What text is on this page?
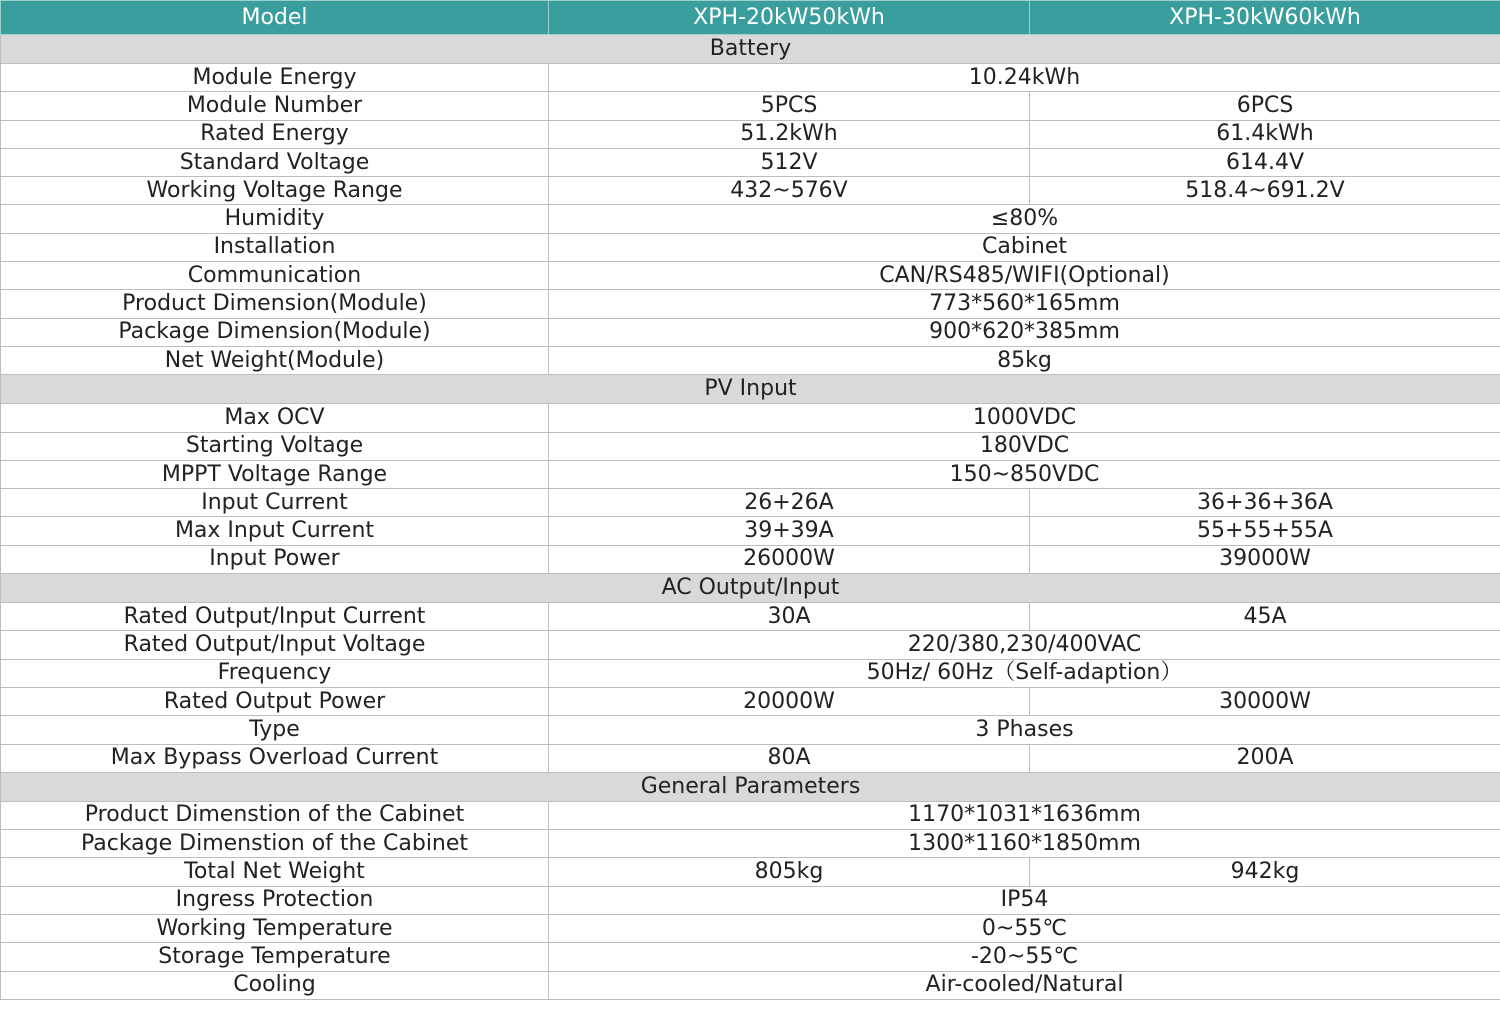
Model	XPH-20kW50kWh	XPH-30kW60kWh
Battery		
Module Energy	10.24kWh	
Module Number	5PCS	6PCS
Rated Energy	51.2kWh	61.4kWh
Standard Voltage	512V	614.4V
Working Voltage Range	432~576V	518.4~691.2V
Humidity	≤80%	
Installation	Cabinet	
Communication	CAN/RS485/WIFI(Optional)	
Product Dimension(Module)	773*560*165mm	
Package Dimension(Module)	900*620*385mm	
Net Weight(Module)	85kg	
PV Input		
Max OCV	1000VDC	
Starting Voltage	180VDC	
MPPT Voltage Range	150~850VDC	
Input Current	26+26A	36+36+36A
Max Input Current	39+39A	55+55+55A
Input Power	26000W	39000W
AC Output/Input		
Rated Output/Input Current	30A	45A
Rated Output/Input Voltage	220/380,230/400VAC	
Frequency	50Hz/ 60Hz（Self-adaption）	
Rated Output Power	20000W	30000W
Type	3 Phases	
Max Bypass Overload Current	80A	200A
General Parameters		
Product Dimenstion of the Cabinet	1170*1031*1636mm	
Package Dimenstion of the Cabinet	1300*1160*1850mm	
Total Net Weight	805kg	942kg
Ingress Protection	IP54	
Working Temperature	0~55℃	
Storage Temperature	-20~55℃	
Cooling	Air-cooled/Natural	
